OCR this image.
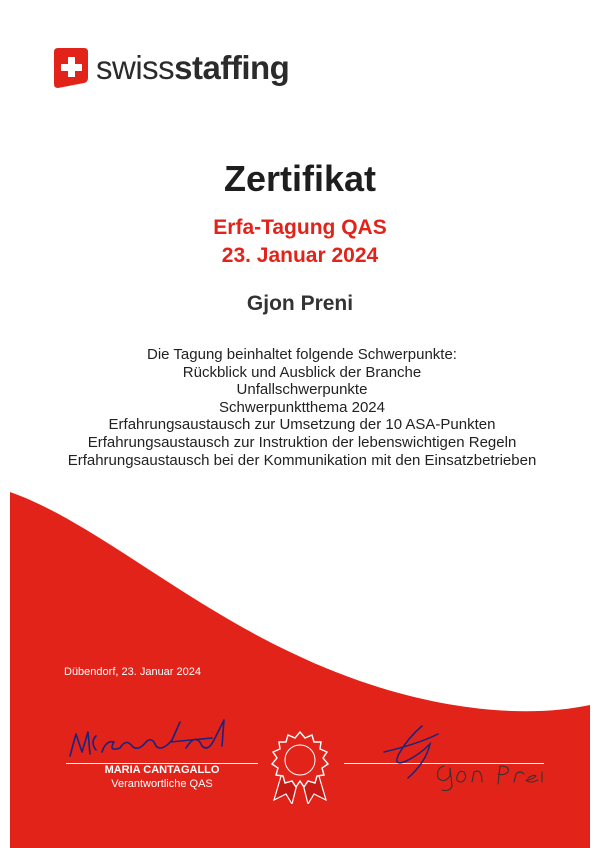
swissstaffing
Zertifikat
Erfa-Tagung QAS
23. Januar 2024
Gjon Preni
Die Tagung beinhaltet folgende Schwerpunkte:
Rückblick und Ausblick der Branche
Unfallschwerpunkte
Schwerpunktthema 2024
Erfahrungsaustausch zur Umsetzung der 10 ASA-Punkten
Erfahrungsaustausch zur Instruktion der lebenswichtigen Regeln
Erfahrungsaustausch bei der Kommunikation mit den Einsatzbetrieben
Dübendorf, 23. Januar 2024
MARIA CANTAGALLO
Verantwortliche QAS
